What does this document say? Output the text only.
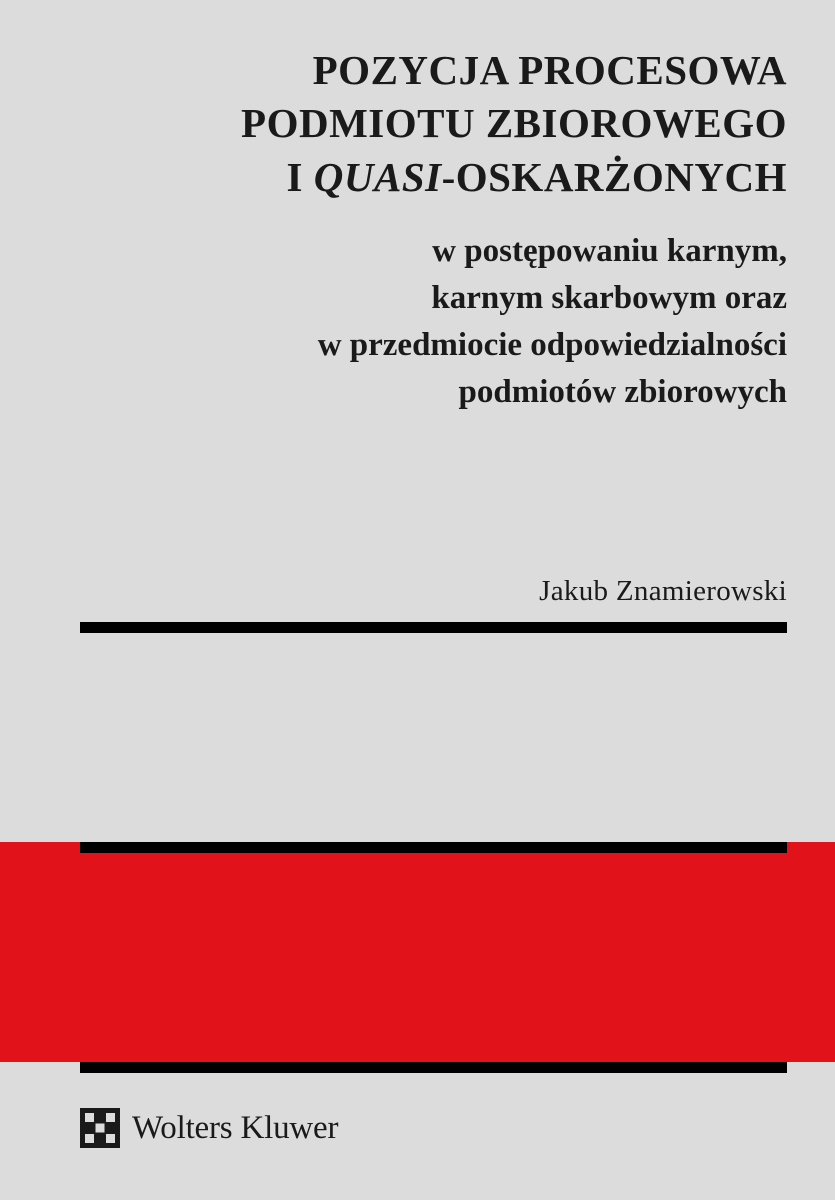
POZYCJA PROCESOWA
PODMIOTU ZBIOROWEGO
I QUASI-OSKARŻONYCH
w postępowaniu karnym,
karnym skarbowym oraz
w przedmiocie odpowiedzialności
podmiotów zbiorowych
Jakub Znamierowski
Wolters Kluwer
